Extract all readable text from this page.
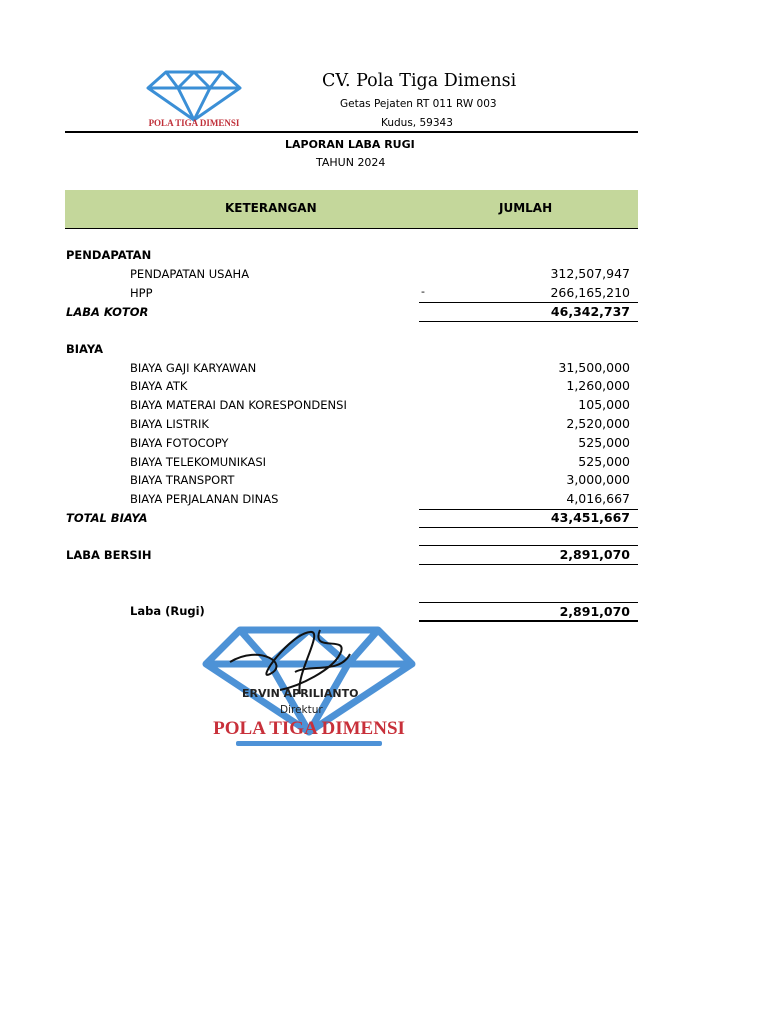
POLA TIGA DIMENSI
CV. Pola Tiga Dimensi
Getas Pejaten RT 011 RW 003
Kudus, 59343
LAPORAN LABA RUGI
TAHUN 2024
KETERANGAN	JUMLAH
PENDAPATAN
PENDAPATAN USAHA	312,507,947
HPP	-	266,165,210
LABA KOTOR	46,342,737
BIAYA
BIAYA GAJI KARYAWAN	31,500,000
BIAYA ATK	1,260,000
BIAYA MATERAI DAN KORESPONDENSI	105,000
BIAYA LISTRIK	2,520,000
BIAYA FOTOCOPY	525,000
BIAYA TELEKOMUNIKASI	525,000
BIAYA TRANSPORT	3,000,000
BIAYA PERJALANAN DINAS	4,016,667
TOTAL BIAYA	43,451,667
LABA BERSIH	2,891,070
Laba (Rugi)	2,891,070
POLA TIGA DIMENSI
ERVIN APRILIANTO
Direktur
